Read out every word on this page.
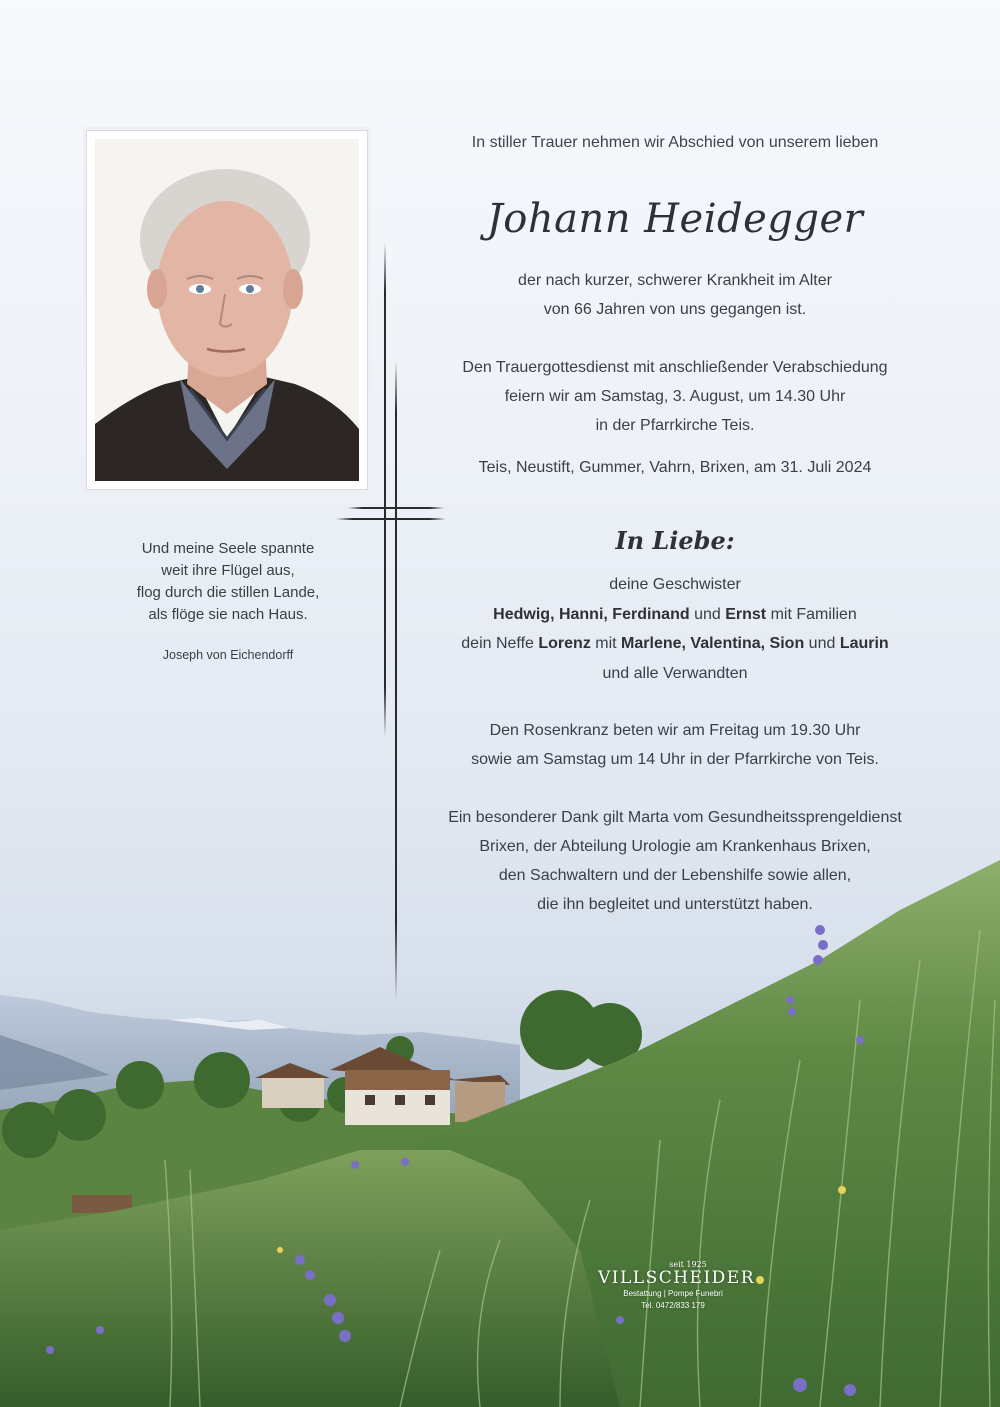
Und meine Seele spannte
weit ihre Flügel aus,
flog durch die stillen Lande,
als flöge sie nach Haus.
Joseph von Eichendorff
In stiller Trauer nehmen wir Abschied von unserem lieben
Johann Heidegger
der nach kurzer, schwerer Krankheit im Alter
von 66 Jahren von uns gegangen ist.
Den Trauergottesdienst mit anschließender Verabschiedung
feiern wir am Samstag, 3. August, um 14.30 Uhr
in der Pfarrkirche Teis.
Teis, Neustift, Gummer, Vahrn, Brixen, am 31. Juli 2024
In Liebe:
deine Geschwister
Hedwig, Hanni, Ferdinand und Ernst mit Familien
dein Neffe Lorenz mit Marlene, Valentina, Sion und Laurin
und alle Verwandten
Den Rosenkranz beten wir am Freitag um 19.30 Uhr
sowie am Samstag um 14 Uhr in der Pfarrkirche von Teis.
Ein besonderer Dank gilt Marta vom Gesundheitssprengeldienst
Brixen, der Abteilung Urologie am Krankenhaus Brixen,
den Sachwaltern und der Lebenshilfe sowie allen,
die ihn begleitet und unterstützt haben.
seit 1925
VILLSCHEIDER
Bestattung | Pompe Funebri
Tel. 0472/833 179
